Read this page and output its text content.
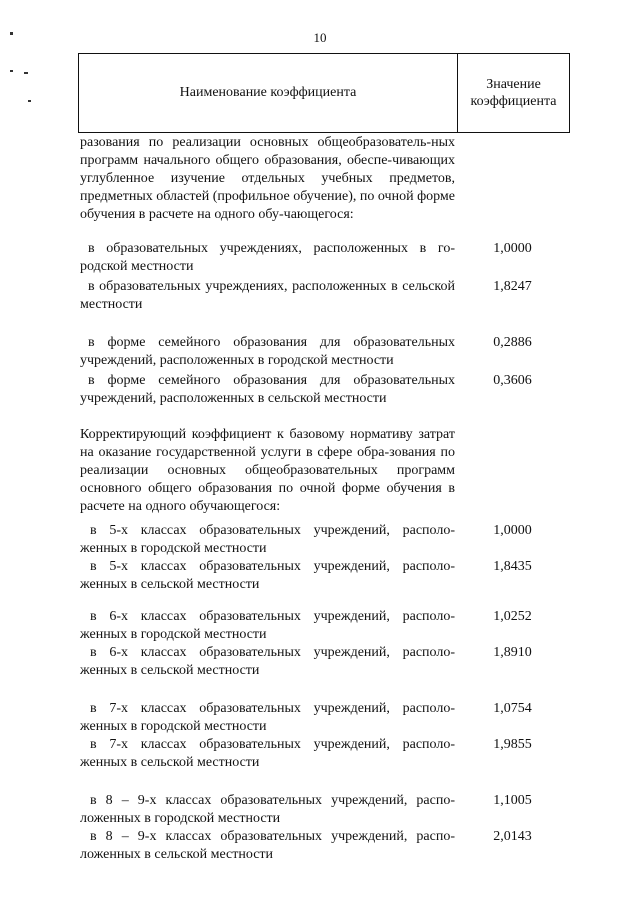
10
Наименование коэффициента
Значение коэффициента
разования по реализации основных общеобразователь-ных программ начального общего образования, обеспе-чивающих углубленное изучение отдельных учебных предметов, предметных областей (профильное обучение), по очной форме обучения в расчете на одного обу-чающегося:
в образовательных учреждениях, расположенных в го-родской местности
1,0000
в образовательных учреждениях, расположенных в сельской местности
1,8247
в форме семейного образования для образовательных учреждений, расположенных в городской местности
0,2886
в форме семейного образования для образовательных учреждений, расположенных в сельской местности
0,3606
Корректирующий коэффициент к базовому нормативу затрат на оказание государственной услуги в сфере обра-зования по реализации основных общеобразовательных программ основного общего образования по очной форме обучения в расчете на одного обучающегося:
в 5-х классах образовательных учреждений, располо-женных в городской местности
1,0000
в 5-х классах образовательных учреждений, располо-женных в сельской местности
1,8435
в 6-х классах образовательных учреждений, располо-женных в городской местности
1,0252
в 6-х классах образовательных учреждений, располо-женных в сельской местности
1,8910
в 7-х классах образовательных учреждений, располо-женных в городской местности
1,0754
в 7-х классах образовательных учреждений, располо-женных в сельской местности
1,9855
в 8 – 9-х классах образовательных учреждений, распо-ложенных в городской местности
1,1005
в 8 – 9-х классах образовательных учреждений, распо-ложенных в сельской местности
2,0143
